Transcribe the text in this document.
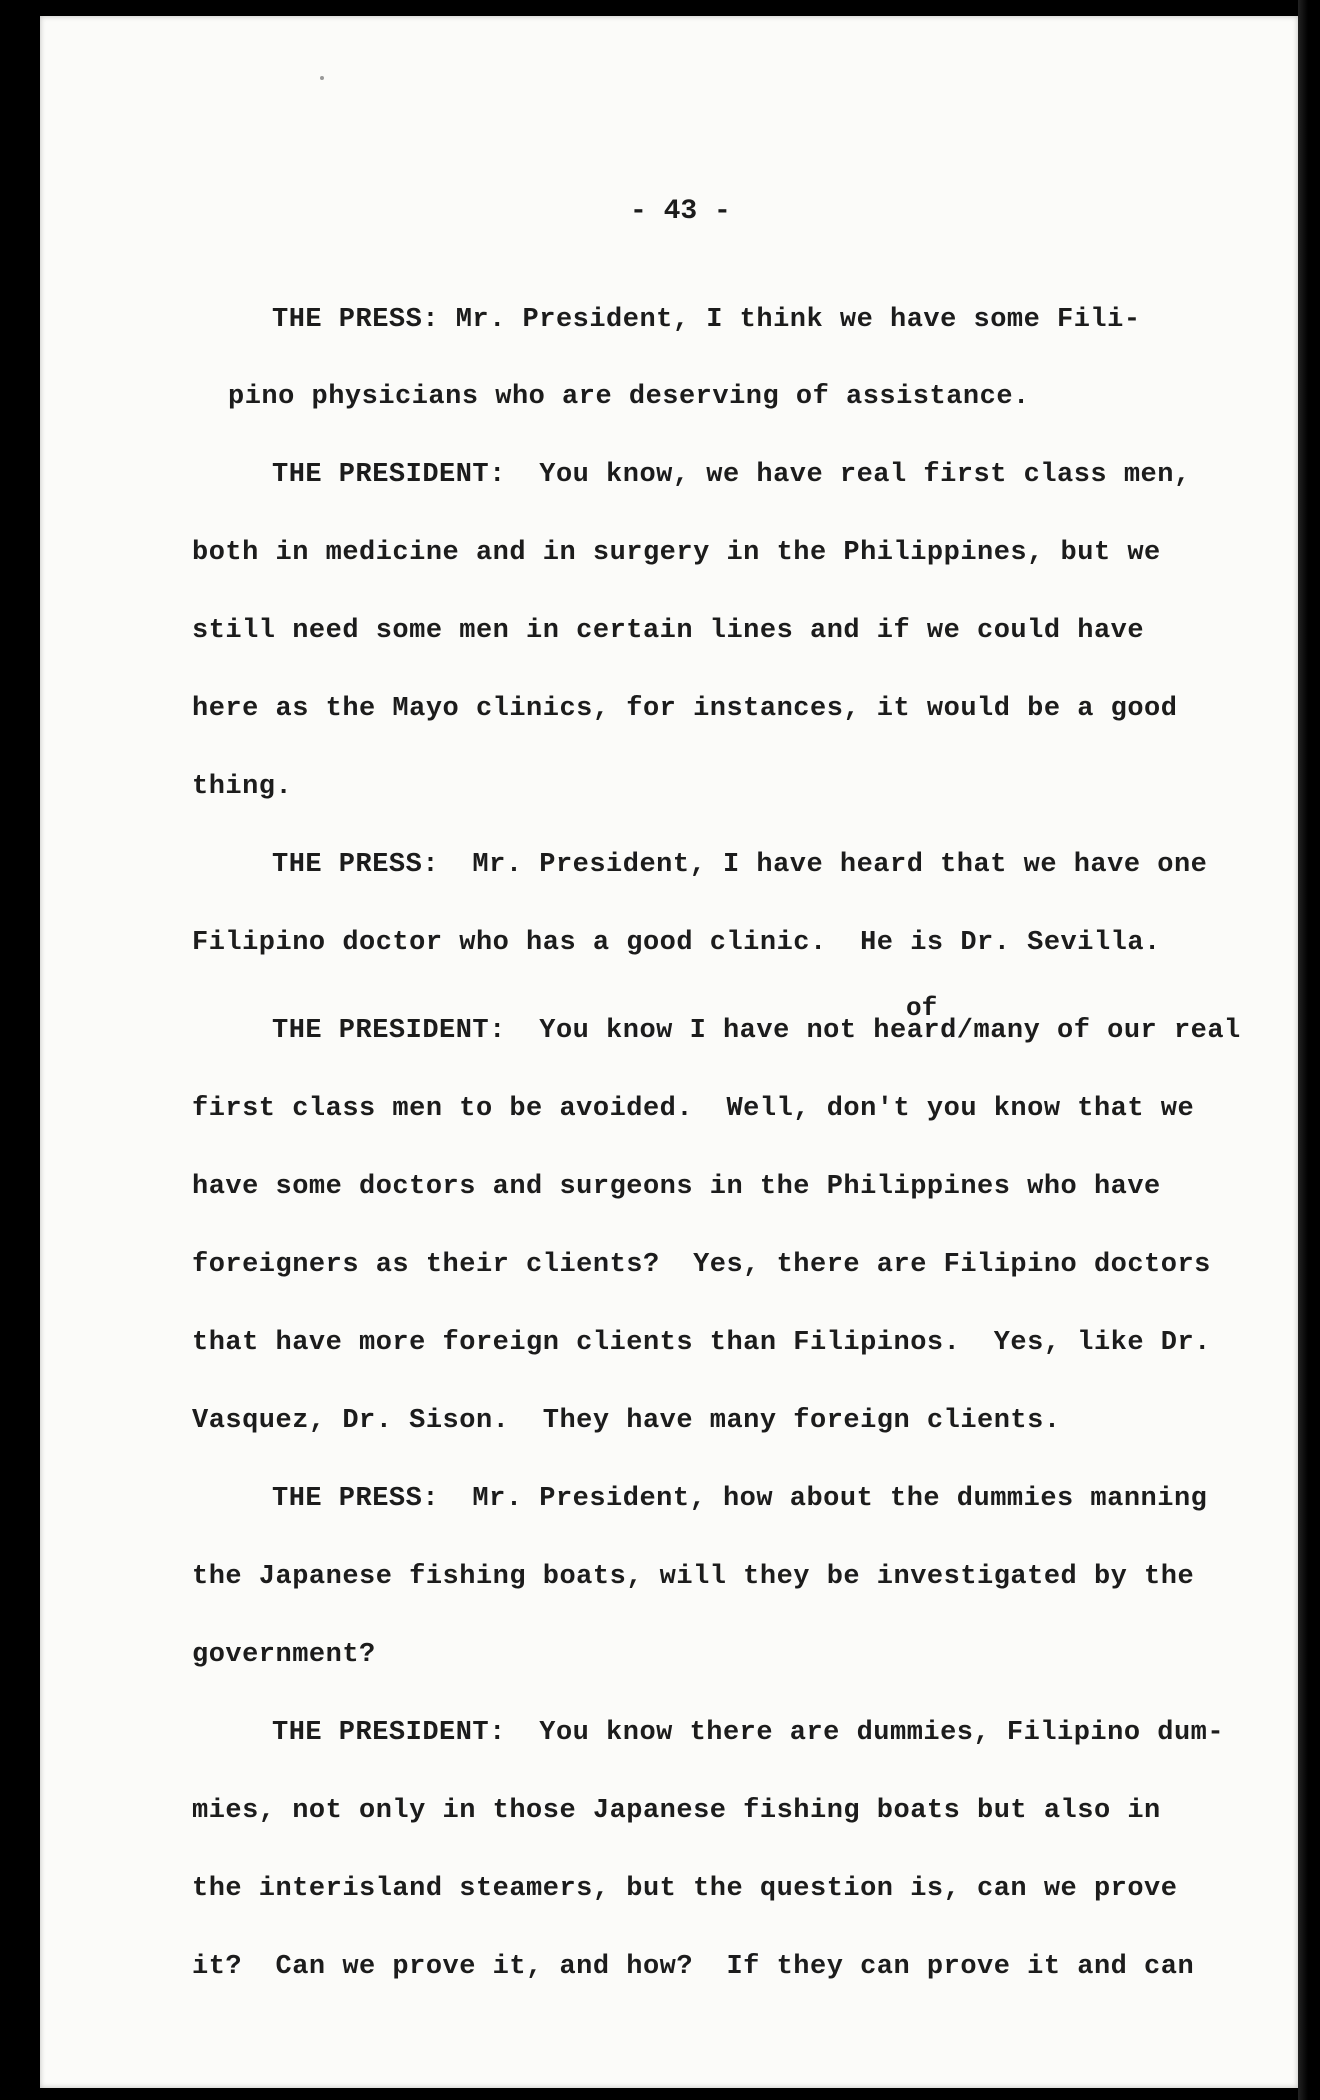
- 43 -
of
THE PRESS: Mr. President, I think we have some Fili-
pino physicians who are deserving of assistance.
THE PRESIDENT:  You know, we have real first class men,
both in medicine and in surgery in the Philippines, but we
still need some men in certain lines and if we could have
here as the Mayo clinics, for instances, it would be a good
thing.
THE PRESS:  Mr. President, I have heard that we have one
Filipino doctor who has a good clinic.  He is Dr. Sevilla.
THE PRESIDENT:  You know I have not heard/many of our real
first class men to be avoided.  Well, don't you know that we
have some doctors and surgeons in the Philippines who have
foreigners as their clients?  Yes, there are Filipino doctors
that have more foreign clients than Filipinos.  Yes, like Dr.
Vasquez, Dr. Sison.  They have many foreign clients.
THE PRESS:  Mr. President, how about the dummies manning
the Japanese fishing boats, will they be investigated by the
government?
THE PRESIDENT:  You know there are dummies, Filipino dum-
mies, not only in those Japanese fishing boats but also in
the interisland steamers, but the question is, can we prove
it?  Can we prove it, and how?  If they can prove it and can
